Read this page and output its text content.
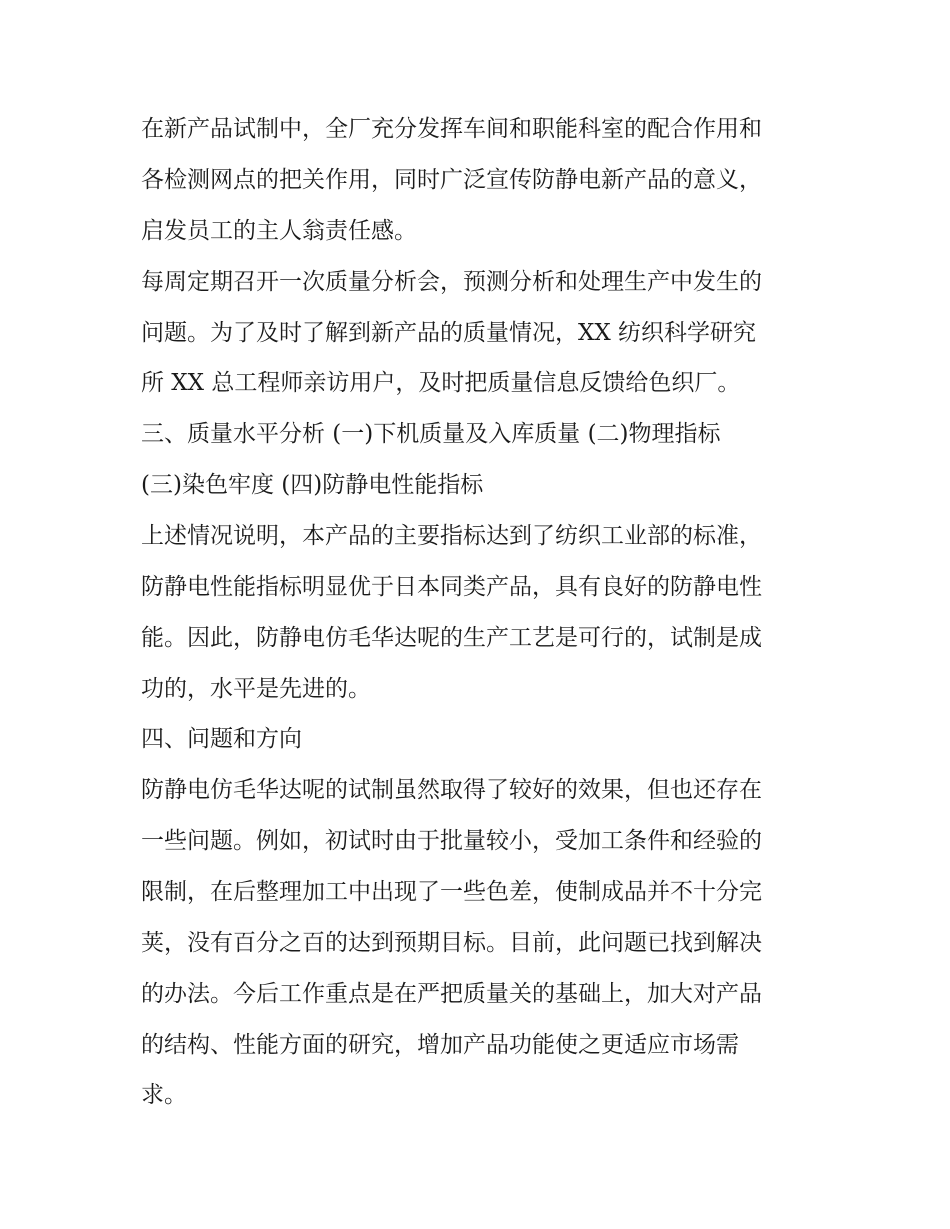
在新产品试制中，全厂充分发挥车间和职能科室的配合作用和

各检测网点的把关作用，同时广泛宣传防静电新产品的意义，

启发员工的主人翁责任感。

每周定期召开一次质量分析会，预测分析和处理生产中发生的

问题。为了及时了解到新产品的质量情况，XX 纺织科学研究

所 XX 总工程师亲访用户，及时把质量信息反馈给色织厂。

三、质量水平分析 (一)下机质量及入库质量 (二)物理指标

(三)染色牢度 (四)防静电性能指标

上述情况说明，本产品的主要指标达到了纺织工业部的标准，

防静电性能指标明显优于日本同类产品，具有良好的防静电性

能。因此，防静电仿毛华达呢的生产工艺是可行的，试制是成

功的，水平是先进的。

四、问题和方向

防静电仿毛华达呢的试制虽然取得了较好的效果，但也还存在

一些问题。例如，初试时由于批量较小，受加工条件和经验的

限制，在后整理加工中出现了一些色差，使制成品并不十分完

荚，没有百分之百的达到预期目标。目前，此问题已找到解决

的办法。今后工作重点是在严把质量关的基础上，加大对产品

的结构、性能方面的研究，增加产品功能使之更适应市场需

求。
